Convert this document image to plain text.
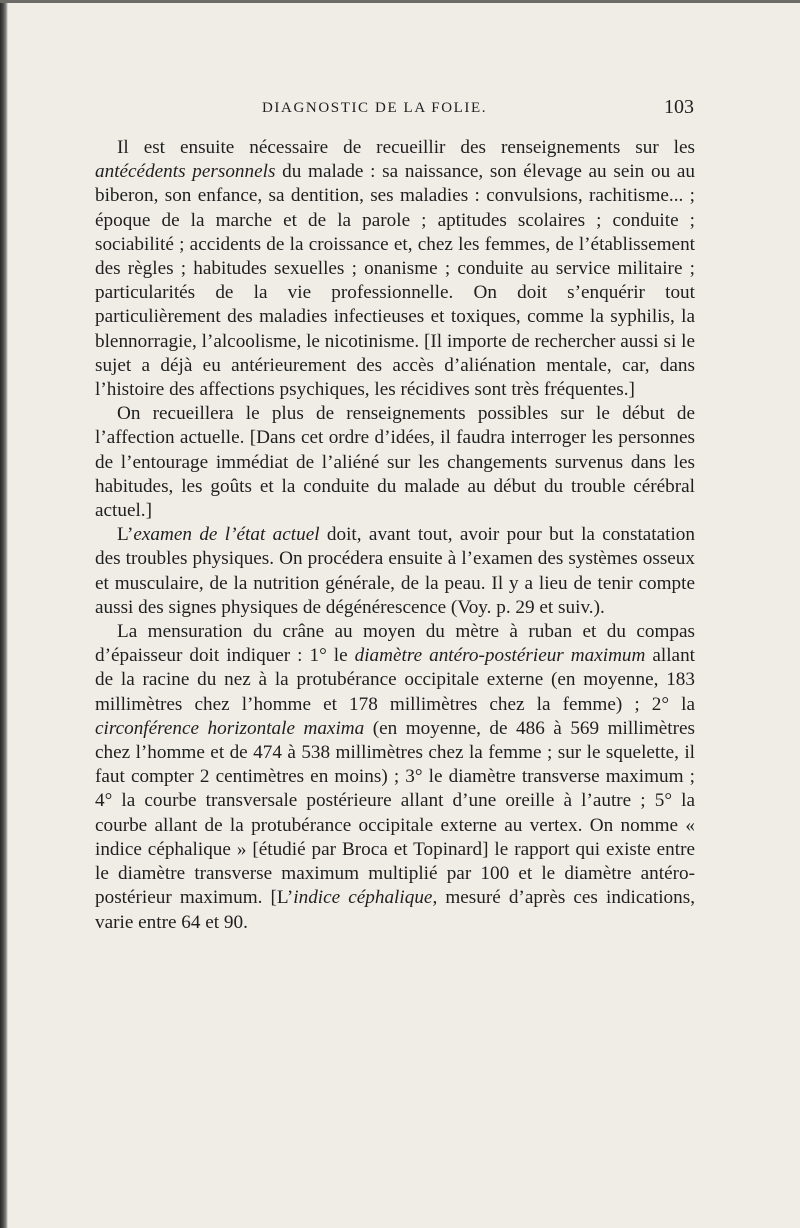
DIAGNOSTIC DE LA FOLIE.	103

Il est ensuite nécessaire de recueillir des renseignements sur les antécédents personnels du malade : sa naissance, son élevage au sein ou au biberon, son enfance, sa dentition, ses maladies : convulsions, rachitisme... ; époque de la marche et de la parole ; aptitudes scolaires ; conduite ; sociabilité ; accidents de la croissance et, chez les femmes, de l’établissement des règles ; habitudes sexuelles ; onanisme ; conduite au service militaire ; particularités de la vie professionnelle. On doit s’enquérir tout particulièrement des maladies infectieuses et toxiques, comme la syphilis, la blennorragie, l’alcoolisme, le nicotinisme. [Il importe de rechercher aussi si le sujet a déjà eu antérieurement des accès d’aliénation mentale, car, dans l’histoire des affections psychiques, les récidives sont très fréquentes.]

On recueillera le plus de renseignements possibles sur le début de l’affection actuelle. [Dans cet ordre d’idées, il faudra interroger les personnes de l’entourage immédiat de l’aliéné sur les changements survenus dans les habitudes, les goûts et la conduite du malade au début du trouble cérébral actuel.]

L’examen de l’état actuel doit, avant tout, avoir pour but la constatation des troubles physiques. On procédera ensuite à l’examen des systèmes osseux et musculaire, de la nutrition générale, de la peau. Il y a lieu de tenir compte aussi des signes physiques de dégénérescence (Voy. p. 29 et suiv.).

La mensuration du crâne au moyen du mètre à ruban et du compas d’épaisseur doit indiquer : 1° le diamètre antéro-postérieur maximum allant de la racine du nez à la protubérance occipitale externe (en moyenne, 183 millimètres chez l’homme et 178 millimètres chez la femme) ; 2° la circonférence horizontale maxima (en moyenne, de 486 à 569 millimètres chez l’homme et de 474 à 538 millimètres chez la femme ; sur le squelette, il faut compter 2 centimètres en moins) ; 3° le diamètre transverse maximum ; 4° la courbe transversale postérieure allant d’une oreille à l’autre ; 5° la courbe allant de la protubérance occipitale externe au vertex. On nomme « indice céphalique » [étudié par Broca et Topinard] le rapport qui existe entre le diamètre transverse maximum multiplié par 100 et le diamètre antéro-postérieur maximum. [L’indice céphalique, mesuré d’après ces indications, varie entre 64 et 90.
